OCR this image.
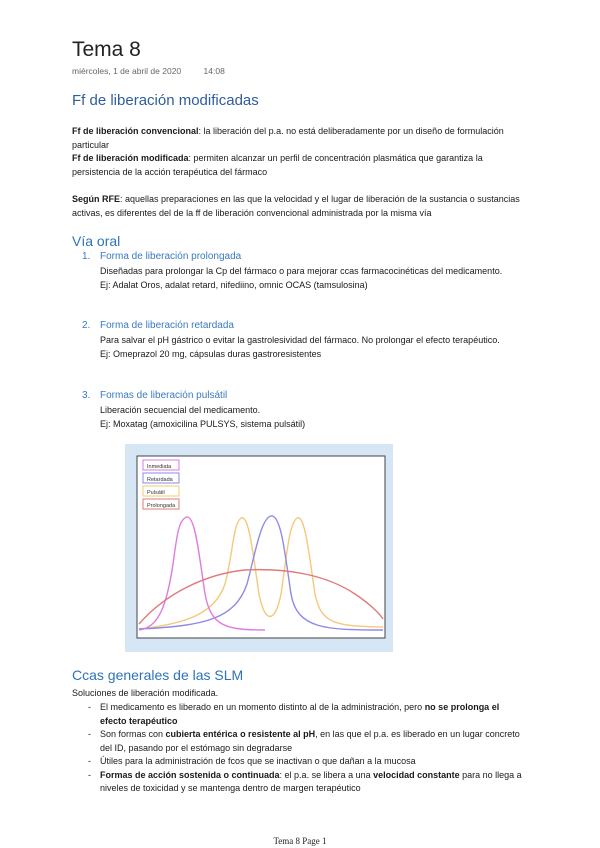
Tema 8
miércoles, 1 de abril de 2020	14:08
Ff de liberación modificadas
Ff de liberación convencional: la liberación del p.a. no está deliberadamente por un diseño de formulación particular
Ff de liberación modificada: permiten alcanzar un perfil de concentración plasmática que garantiza la persistencia de la acción terapéutica del fármaco
Según RFE: aquellas preparaciones en las que la velocidad y el lugar de liberación de la sustancia o sustancias activas, es diferentes del de la ff de liberación convencional administrada por la misma vía
Vía oral
1. Forma de liberación prolongada
Diseñadas para prolongar la Cp del fármaco o para mejorar ccas farmacocinéticas del medicamento.
Ej: Adalat Oros, adalat retard, nifediino, omnic OCAS (tamsulosina)
2. Forma de liberación retardada
Para salvar el pH gástrico o evitar la gastrolesividad del fármaco. No prolongar el efecto terapéutico.
Ej: Omeprazol 20 mg, cápsulas duras gastroresistentes
3. Formas de liberación pulsátil
Liberación secuencial del medicamento.
Ej: Moxatag (amoxicilina PULSYS, sistema pulsátil)
Inmediata
Retardada
Pulsátil
Prolongada
Ccas generales de las SLM
Soluciones de liberación modificada.
- El medicamento es liberado en un momento distinto al de la administración, pero no se prolonga el efecto terapéutico
- Son formas con cubierta entérica o resistente al pH, en las que el p.a. es liberado en un lugar concreto del ID, pasando por el estómago sin degradarse
- Útiles para la administración de fcos que se inactivan o que dañan a la mucosa
- Formas de acción sostenida o continuada: el p.a. se libera a una velocidad constante para no llega a niveles de toxicidad y se mantenga dentro de margen terapéutico
Tema 8 Page 1
